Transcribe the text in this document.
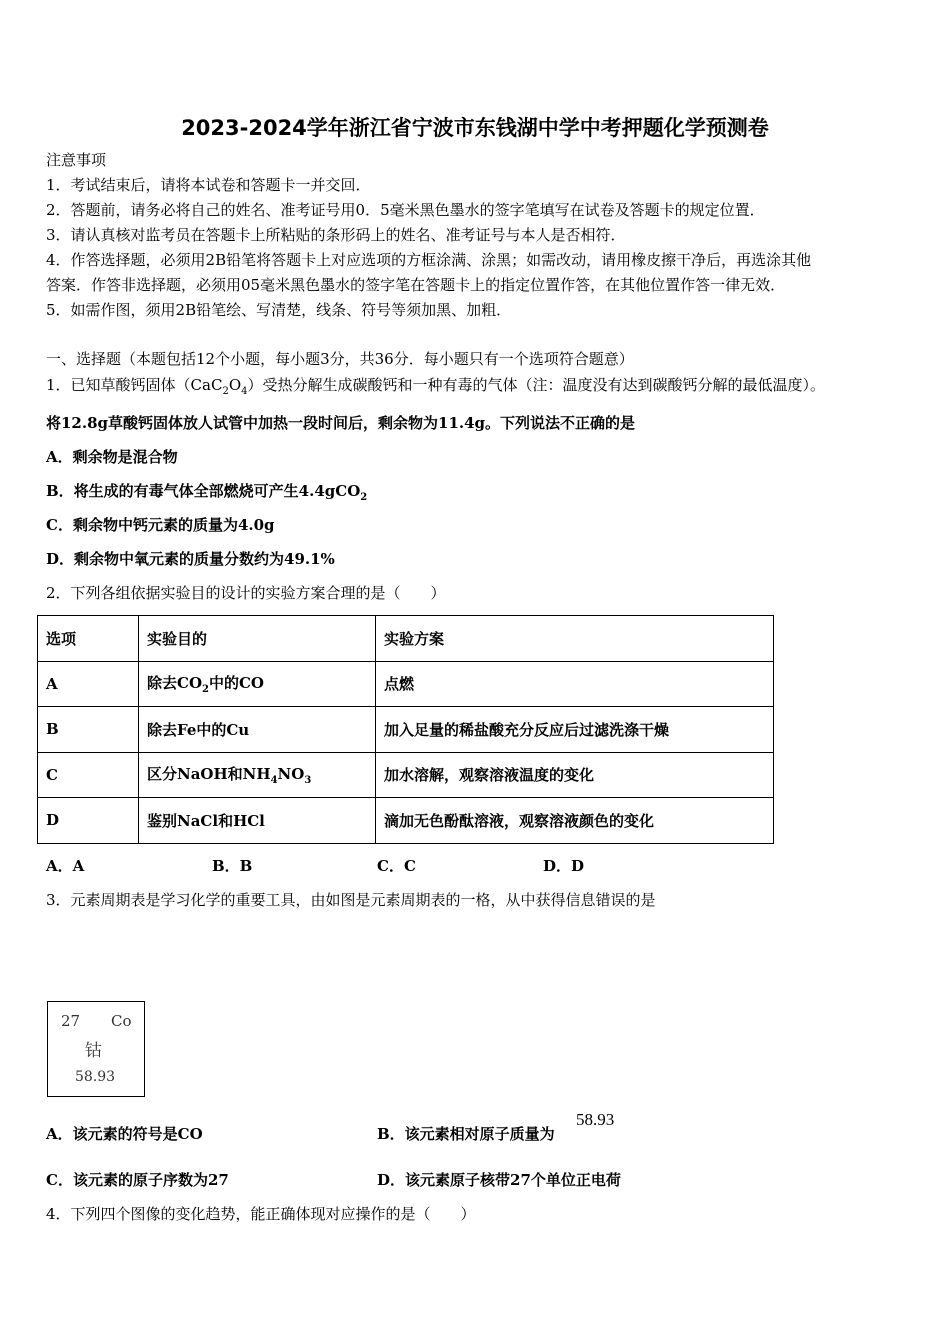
2023-2024学年浙江省宁波市东钱湖中学中考押题化学预测卷
注意事项
1．考试结束后，请将本试卷和答题卡一并交回．
2．答题前，请务必将自己的姓名、准考证号用0．5毫米黑色墨水的签字笔填写在试卷及答题卡的规定位置．
3．请认真核对监考员在答题卡上所粘贴的条形码上的姓名、准考证号与本人是否相符．
4．作答选择题，必须用2B铅笔将答题卡上对应选项的方框涂满、涂黑；如需改动，请用橡皮擦干净后，再选涂其他
答案．作答非选择题，必须用05毫米黑色墨水的签字笔在答题卡上的指定位置作答，在其他位置作答一律无效．
5．如需作图，须用2B铅笔绘、写清楚，线条、符号等须加黑、加粗．
一、选择题（本题包括12个小题，每小题3分，共36分．每小题只有一个选项符合题意）
1．已知草酸钙固体$(CaC_2O_4)$受热分解生成碳酸钙和一种有毒的气体（注：温度没有达到碳酸钙分解的最低温度）。
将12.8g草酸钙固体放人试管中加热一段时间后，剩余物为11.4g。下列说法不正确的是
A．剩余物是混合物
B．将生成的有毒气体全部燃烧可产生4.4gCO$_2$
C．剩余物中钙元素的质量为4.0g
D．剩余物中氧元素的质量分数约为49.1%
2．下列各组依据实验目的设计的实验方案合理的是（　　）
选项	实验目的	实验方案
A	除去$CO_2$中的CO	点燃
B	除去Fe中的Cu	加入足量的稀盐酸充分反应后过滤洗涤干燥
C	区分NaOH和$NH_4NO_3$	加水溶解，观察溶液温度的变化
D	鉴别NaCl和HCl	滴加无色酚酞溶液，观察溶液颜色的变化
A．A	B．B	C．C	D．D
3．元素周期表是学习化学的重要工具，由如图是元素周期表的一格，从中获得信息错误的是
27 Co
钴
58.93
A．该元素的符号是CO	B．该元素相对原子质量为
58.93
C．该元素的原子序数为27	D．该元素原子核带27个单位正电荷
4．下列四个图像的变化趋势，能正确体现对应操作的是（　　）
